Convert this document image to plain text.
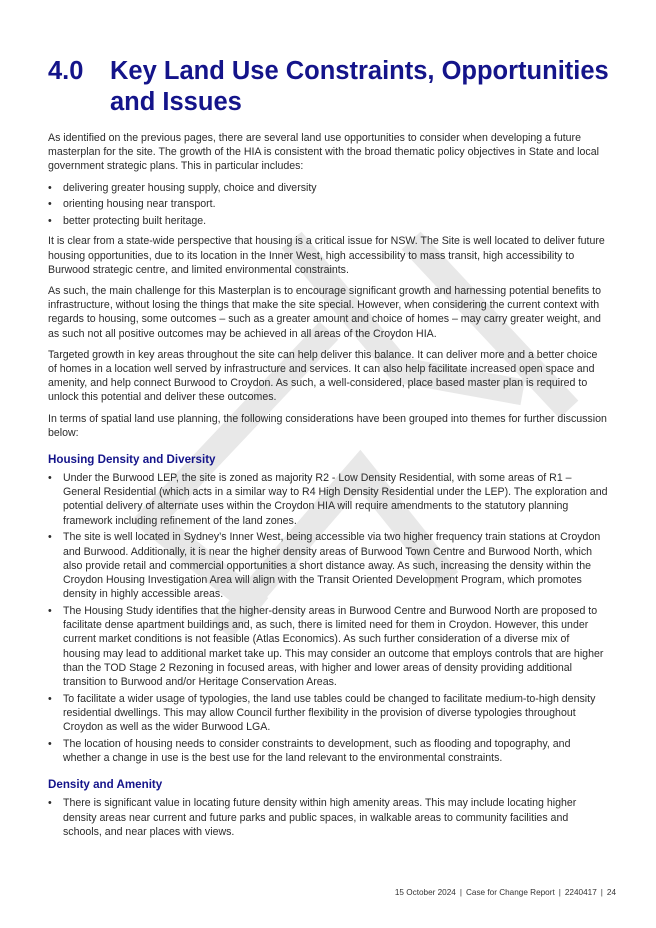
4.0	Key Land Use Constraints, Opportunities and Issues

As identified on the previous pages, there are several land use opportunities to consider when developing a future masterplan for the site. The growth of the HIA is consistent with the broad thematic policy objectives in State and local government strategic plans. This in particular includes:

• delivering greater housing supply, choice and diversity
• orienting housing near transport.
• better protecting built heritage.

It is clear from a state-wide perspective that housing is a critical issue for NSW. The Site is well located to deliver future housing opportunities, due to its location in the Inner West, high accessibility to mass transit, high accessibility to Burwood strategic centre, and limited environmental constraints.

As such, the main challenge for this Masterplan is to encourage significant growth and harnessing potential benefits to infrastructure, without losing the things that make the site special. However, when considering the current context with regards to housing, some outcomes – such as a greater amount and choice of homes – may carry greater weight, and as such not all positive outcomes may be achieved in all areas of the Croydon HIA.

Targeted growth in key areas throughout the site can help deliver this balance. It can deliver more and a better choice of homes in a location well served by infrastructure and services. It can also help facilitate increased open space and amenity, and help connect Burwood to Croydon. As such, a well-considered, place based master plan is required to unlock this potential and deliver these outcomes.

In terms of spatial land use planning, the following considerations have been grouped into themes for further discussion below:

Housing Density and Diversity
• Under the Burwood LEP, the site is zoned as majority R2 - Low Density Residential, with some areas of R1 – General Residential (which acts in a similar way to R4 High Density Residential under the LEP). The exploration and potential delivery of alternate uses within the Croydon HIA will require amendments to the statutory planning framework including refinement of the land zones.
• The site is well located in Sydney’s Inner West, being accessible via two higher frequency train stations at Croydon and Burwood. Additionally, it is near the higher density areas of Burwood Town Centre and Burwood North, which also provide retail and commercial opportunities a short distance away. As such, increasing the density within the Croydon Housing Investigation Area will align with the Transit Oriented Development Program, which promotes density in highly accessible areas.
• The Housing Study identifies that the higher-density areas in Burwood Centre and Burwood North are proposed to facilitate dense apartment buildings and, as such, there is limited need for them in Croydon. However, this under current market conditions is not feasible (Atlas Economics). As such further consideration of a diverse mix of housing may lead to additional market take up. This may consider an outcome that employs controls that are higher than the TOD Stage 2 Rezoning in focused areas, with higher and lower areas of density providing additional transition to Burwood and/or Heritage Conservation Areas.
• To facilitate a wider usage of typologies, the land use tables could be changed to facilitate medium-to-high density residential dwellings. This may allow Council further flexibility in the provision of diverse typologies throughout Croydon as well as the wider Burwood LGA.
• The location of housing needs to consider constraints to development, such as flooding and topography, and whether a change in use is the best use for the land relevant to the environmental constraints.
Density and Amenity
• There is significant value in locating future density within high amenity areas. This may include locating higher density areas near current and future parks and public spaces, in walkable areas to community facilities and schools, and near places with views.
15 October 2024 | Case for Change Report | 2240417 | 24
